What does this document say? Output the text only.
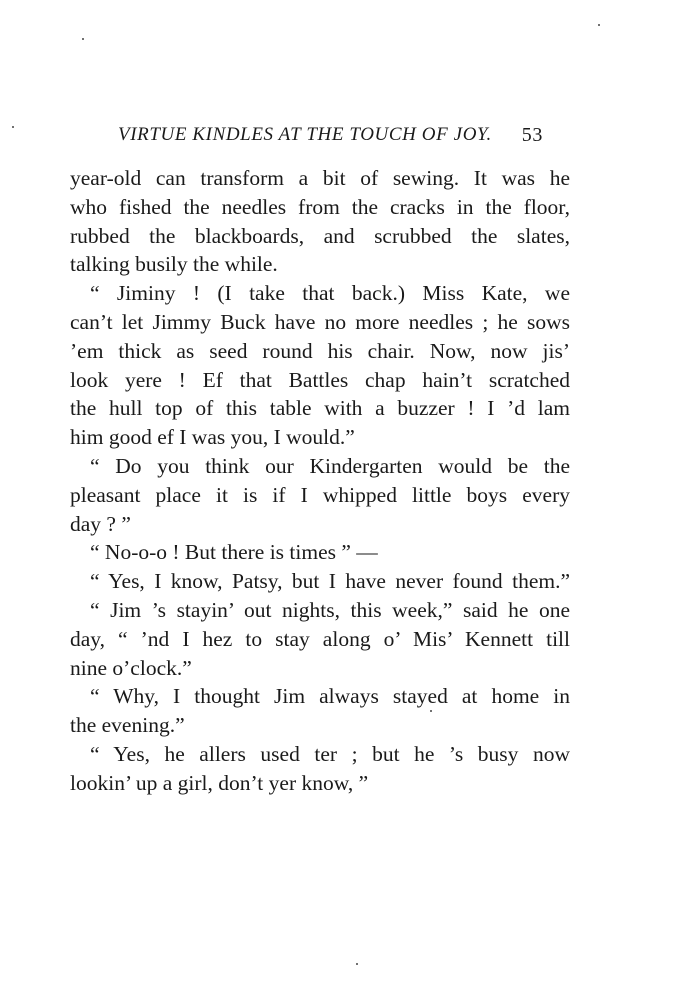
VIRTUE KINDLES AT THE TOUCH OF JOY. 53
year-old can transform a bit of sewing. It was he
who fished the needles from the cracks in the floor,
rubbed the blackboards, and scrubbed the slates,
talking busily the while.
“ Jiminy ! (I take that back.) Miss Kate, we
can’t let Jimmy Buck have no more needles ; he sows
’em thick as seed round his chair. Now, now jis’
look yere ! Ef that Battles chap hain’t scratched
the hull top of this table with a buzzer ! I ’d lam
him good ef I was you, I would.”
“ Do you think our Kindergarten would be the
pleasant place it is if I whipped little boys every
day ? ”
“ No-o-o ! But there is times ” —
“ Yes, I know, Patsy, but I have never found them.”
“ Jim ’s stayin’ out nights, this week,” said he one
day, “ ’nd I hez to stay along o’ Mis’ Kennett till
nine o’clock.”
“ Why, I thought Jim always stayed at home in
the evening.”
“ Yes, he allers used ter ; but he ’s busy now
lookin’ up a girl, don’t yer know, ”
